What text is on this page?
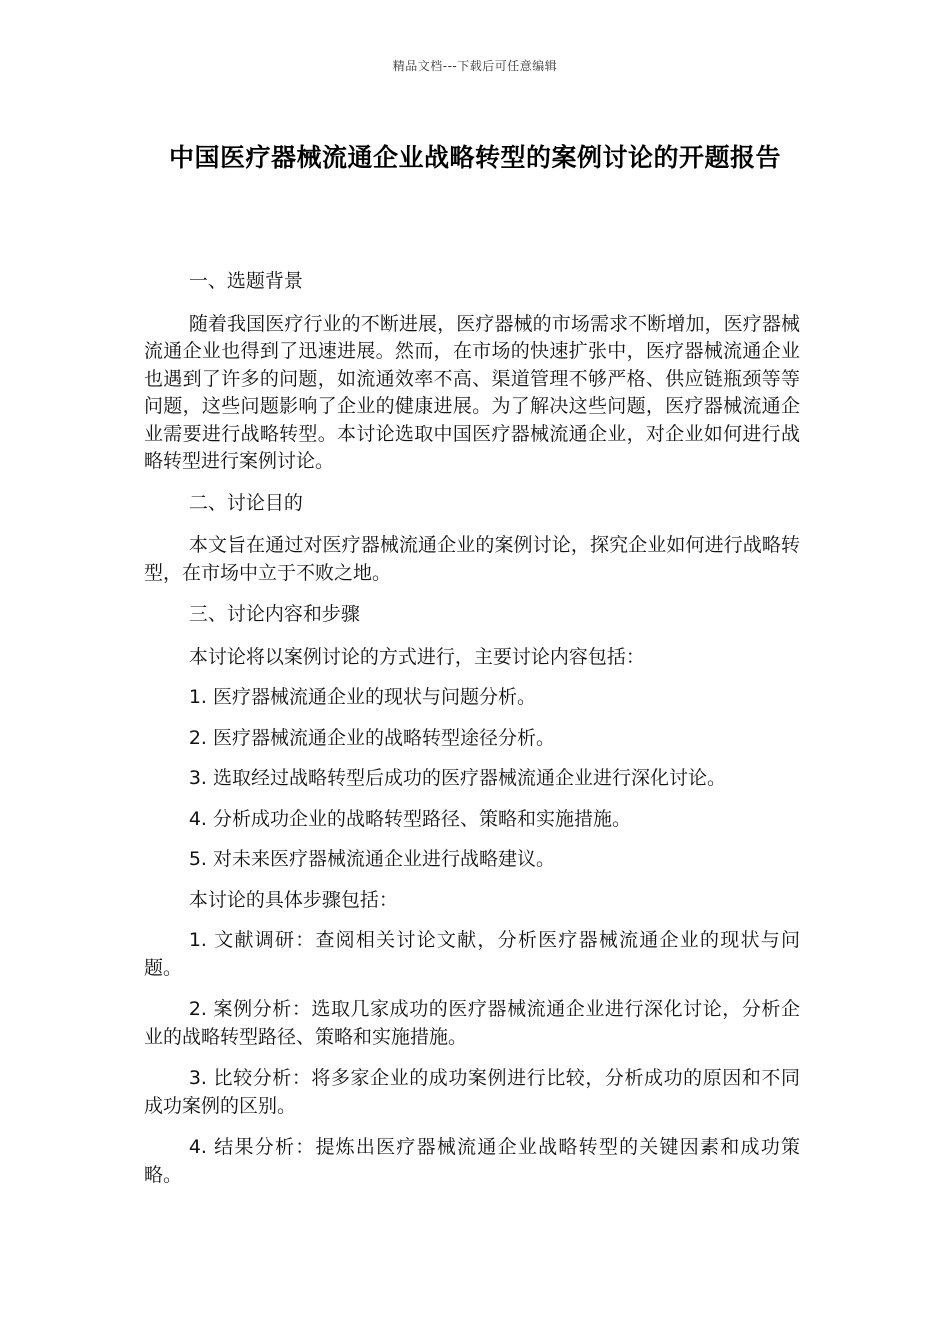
精品文档---下载后可任意编辑
中国医疗器械流通企业战略转型的案例讨论的开题报告

一、选题背景

随着我国医疗行业的不断进展，医疗器械的市场需求不断增加，医疗器械流通企业也得到了迅速进展。然而，在市场的快速扩张中，医疗器械流通企业也遇到了许多的问题，如流通效率不高、渠道管理不够严格、供应链瓶颈等等问题，这些问题影响了企业的健康进展。为了解决这些问题，医疗器械流通企业需要进行战略转型。本讨论选取中国医疗器械流通企业，对企业如何进行战略转型进行案例讨论。

二、讨论目的

本文旨在通过对医疗器械流通企业的案例讨论，探究企业如何进行战略转型，在市场中立于不败之地。

三、讨论内容和步骤

本讨论将以案例讨论的方式进行，主要讨论内容包括：

1. 医疗器械流通企业的现状与问题分析。

2. 医疗器械流通企业的战略转型途径分析。

3. 选取经过战略转型后成功的医疗器械流通企业进行深化讨论。

4. 分析成功企业的战略转型路径、策略和实施措施。

5. 对未来医疗器械流通企业进行战略建议。

本讨论的具体步骤包括：

1. 文献调研：查阅相关讨论文献，分析医疗器械流通企业的现状与问题。

2. 案例分析：选取几家成功的医疗器械流通企业进行深化讨论，分析企业的战略转型路径、策略和实施措施。

3. 比较分析：将多家企业的成功案例进行比较，分析成功的原因和不同成功案例的区别。

4. 结果分析：提炼出医疗器械流通企业战略转型的关键因素和成功策略。
